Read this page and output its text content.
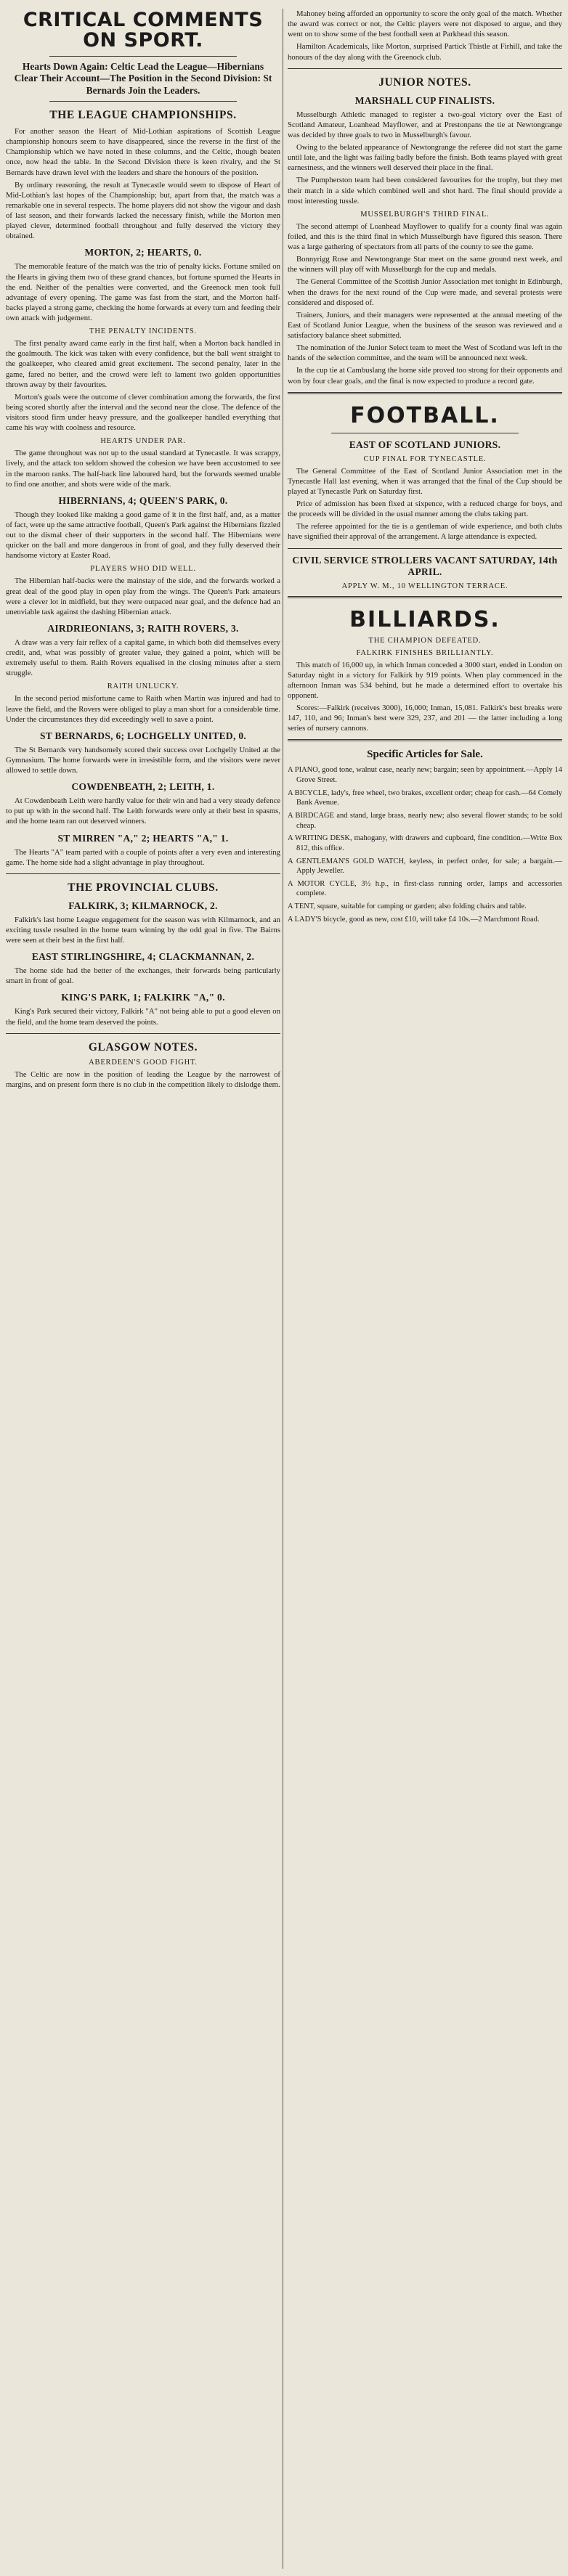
CRITICAL COMMENTS ON SPORT.
Hearts Down Again: Celtic Lead the League—Hibernians Clear Their Account—The Position in the Second Division: St Bernards Join the Leaders.
THE LEAGUE CHAMPIONSHIPS.

For another season the Heart of Mid-Lothian aspirations of Scottish League championship honours seem to have disappeared, since the reverse in the first of the Championship which we have noted in these columns, and the Celtic, though beaten once, now head the table. In the Second Division there is keen rivalry, and the St Bernards have drawn level with the leaders and share the honours of the position.

By ordinary reasoning, the result at Tynecastle would seem to dispose of Heart of Mid-Lothian's last hopes of the Championship; but, apart from that, the match was a remarkable one in several respects. The home players did not show the vigour and dash of last season, and their forwards lacked the necessary finish, while the Morton men played clever, determined football throughout and fully deserved the victory they obtained.

MORTON, 2; HEARTS, 0.

The memorable feature of the match was the trio of penalty kicks. Fortune smiled on the Hearts in giving them two of these grand chances, but fortune spurned the Hearts in the end. Neither of the penalties were converted, and the Greenock men took full advantage of every opening. The game was fast from the start, and the Morton half-backs played a strong game, checking the home forwards at every turn and feeding their own attack with judgement.

THE PENALTY INCIDENTS.

The first penalty award came early in the first half, when a Morton back handled in the goalmouth. The kick was taken with every confidence, but the ball went straight to the goalkeeper, who cleared amid great excitement. The second penalty, later in the game, fared no better, and the crowd were left to lament two golden opportunities thrown away by their favourites.

Morton's goals were the outcome of clever combination among the forwards, the first being scored shortly after the interval and the second near the close. The defence of the visitors stood firm under heavy pressure, and the goalkeeper handled everything that came his way with coolness and resource.

HEARTS UNDER PAR.

The game throughout was not up to the usual standard at Tynecastle. It was scrappy, lively, and the attack too seldom showed the cohesion we have been accustomed to see in the maroon ranks. The half-back line laboured hard, but the forwards seemed unable to find one another, and shots were wide of the mark.

HIBERNIANS, 4; QUEEN'S PARK, 0.

Though they looked like making a good game of it in the first half, and, as a matter of fact, were up the same attractive football, Queen's Park against the Hibernians fizzled out to the dismal cheer of their supporters in the second half. The Hibernians were quicker on the ball and more dangerous in front of goal, and they fully deserved their handsome victory at Easter Road.

PLAYERS WHO DID WELL.

The Hibernian half-backs were the mainstay of the side, and the forwards worked a great deal of the good play in open play from the wings. The Queen's Park amateurs were a clever lot in midfield, but they were outpaced near goal, and the defence had an unenviable task against the dashing Hibernian attack.

AIRDRIEONIANS, 3; RAITH ROVERS, 3.

A draw was a very fair reflex of a capital game, in which both did themselves every credit, and, what was possibly of greater value, they gained a point, which will be extremely useful to them. Raith Rovers equalised in the closing minutes after a stern struggle.

RAITH UNLUCKY.

In the second period misfortune came to Raith when Martin was injured and had to leave the field, and the Rovers were obliged to play a man short for a considerable time. Under the circumstances they did exceedingly well to save a point.

ST BERNARDS, 6; LOCHGELLY UNITED, 0.

The St Bernards very handsomely scored their success over Lochgelly United at the Gymnasium. The home forwards were in irresistible form, and the visitors were never allowed to settle down.

COWDENBEATH, 2; LEITH, 1.

At Cowdenbeath Leith were hardly value for their win and had a very steady defence to put up with in the second half. The Leith forwards were only at their best in spasms, and the home team ran out deserved winners.

ST MIRREN "A," 2; HEARTS "A," 1.

The Hearts "A" team parted with a couple of points after a very even and interesting game. The home side had a slight advantage in play throughout.

THE PROVINCIAL CLUBS.
FALKIRK, 3; KILMARNOCK, 2.

Falkirk's last home League engagement for the season was with Kilmarnock, and an exciting tussle resulted in the home team winning by the odd goal in five. The Bairns were seen at their best in the first half.

EAST STIRLINGSHIRE, 4; CLACKMANNAN, 2.

The home side had the better of the exchanges, their forwards being particularly smart in front of goal.

KING'S PARK, 1; FALKIRK "A," 0.

King's Park secured their victory, Falkirk "A" not being able to put a good eleven on the field, and the home team deserved the points.

GLASGOW NOTES.
ABERDEEN'S GOOD FIGHT.

The Celtic are now in the position of leading the League by the narrowest of margins, and on present form there is no club in the competition likely to dislodge them.

Mahoney being afforded an opportunity to score the only goal of the match. Whether the award was correct or not, the Celtic players were not disposed to argue, and they went on to show some of the best football seen at Parkhead this season.

Hamilton Academicals, like Morton, surprised Partick Thistle at Firhill, and take the honours of the day along with the Greenock club.

JUNIOR NOTES.
MARSHALL CUP FINALISTS.

Musselburgh Athletic managed to register a two-goal victory over the East of Scotland Amateur, Loanhead Mayflower, and at Prestonpans the tie at Newtongrange was decided by three goals to two in Musselburgh's favour.

Owing to the belated appearance of Newtongrange the referee did not start the game until late, and the light was failing badly before the finish. Both teams played with great earnestness, and the winners well deserved their place in the final.

The Pumpherston team had been considered favourites for the trophy, but they met their match in a side which combined well and shot hard. The final should provide a most interesting tussle.

MUSSELBURGH'S THIRD FINAL.

The second attempt of Loanhead Mayflower to qualify for a county final was again foiled, and this is the third final in which Musselburgh have figured this season. There was a large gathering of spectators from all parts of the county to see the game.

Bonnyrigg Rose and Newtongrange Star meet on the same ground next week, and the winners will play off with Musselburgh for the cup and medals.

The General Committee of the Scottish Junior Association met tonight in Edinburgh, when the draws for the next round of the Cup were made, and several protests were considered and disposed of.

Trainers, Juniors, and their managers were represented at the annual meeting of the East of Scotland Junior League, when the business of the season was reviewed and a satisfactory balance sheet submitted.

The nomination of the Junior Select team to meet the West of Scotland was left in the hands of the selection committee, and the team will be announced next week.

In the cup tie at Cambuslang the home side proved too strong for their opponents and won by four clear goals, and the final is now expected to produce a record gate.

FOOTBALL.
EAST OF SCOTLAND JUNIORS.
CUP FINAL FOR TYNECASTLE.

The General Committee of the East of Scotland Junior Association met in the Tynecastle Hall last evening, when it was arranged that the final of the Cup should be played at Tynecastle Park on Saturday first.

Price of admission has been fixed at sixpence, with a reduced charge for boys, and the proceeds will be divided in the usual manner among the clubs taking part.

The referee appointed for the tie is a gentleman of wide experience, and both clubs have signified their approval of the arrangement. A large attendance is expected.

CIVIL SERVICE STROLLERS VACANT SATURDAY, 14th APRIL.
APPLY W. M., 10 WELLINGTON TERRACE.
BILLIARDS.
THE CHAMPION DEFEATED.
FALKIRK FINISHES BRILLIANTLY.

This match of 16,000 up, in which Inman conceded a 3000 start, ended in London on Saturday night in a victory for Falkirk by 919 points. When play commenced in the afternoon Inman was 534 behind, but he made a determined effort to overtake his opponent.

Scores:—Falkirk (receives 3000), 16,000; Inman, 15,081. Falkirk's best breaks were 147, 110, and 96; Inman's best were 329, 237, and 201 — the latter including a long series of nursery cannons.

Specific Articles for Sale.

A PIANO, good tone, walnut case, nearly new; bargain; seen by appointment.—Apply 14 Grove Street.

A BICYCLE, lady's, free wheel, two brakes, excellent order; cheap for cash.—64 Comely Bank Avenue.

A BIRDCAGE and stand, large brass, nearly new; also several flower stands; to be sold cheap.

A WRITING DESK, mahogany, with drawers and cupboard, fine condition.—Write Box 812, this office.

A GENTLEMAN'S GOLD WATCH, keyless, in perfect order, for sale; a bargain.—Apply Jeweller.

A MOTOR CYCLE, 3½ h.p., in first-class running order, lamps and accessories complete.

A TENT, square, suitable for camping or garden; also folding chairs and table.

A LADY'S bicycle, good as new, cost £10, will take £4 10s.—2 Marchmont Road.
